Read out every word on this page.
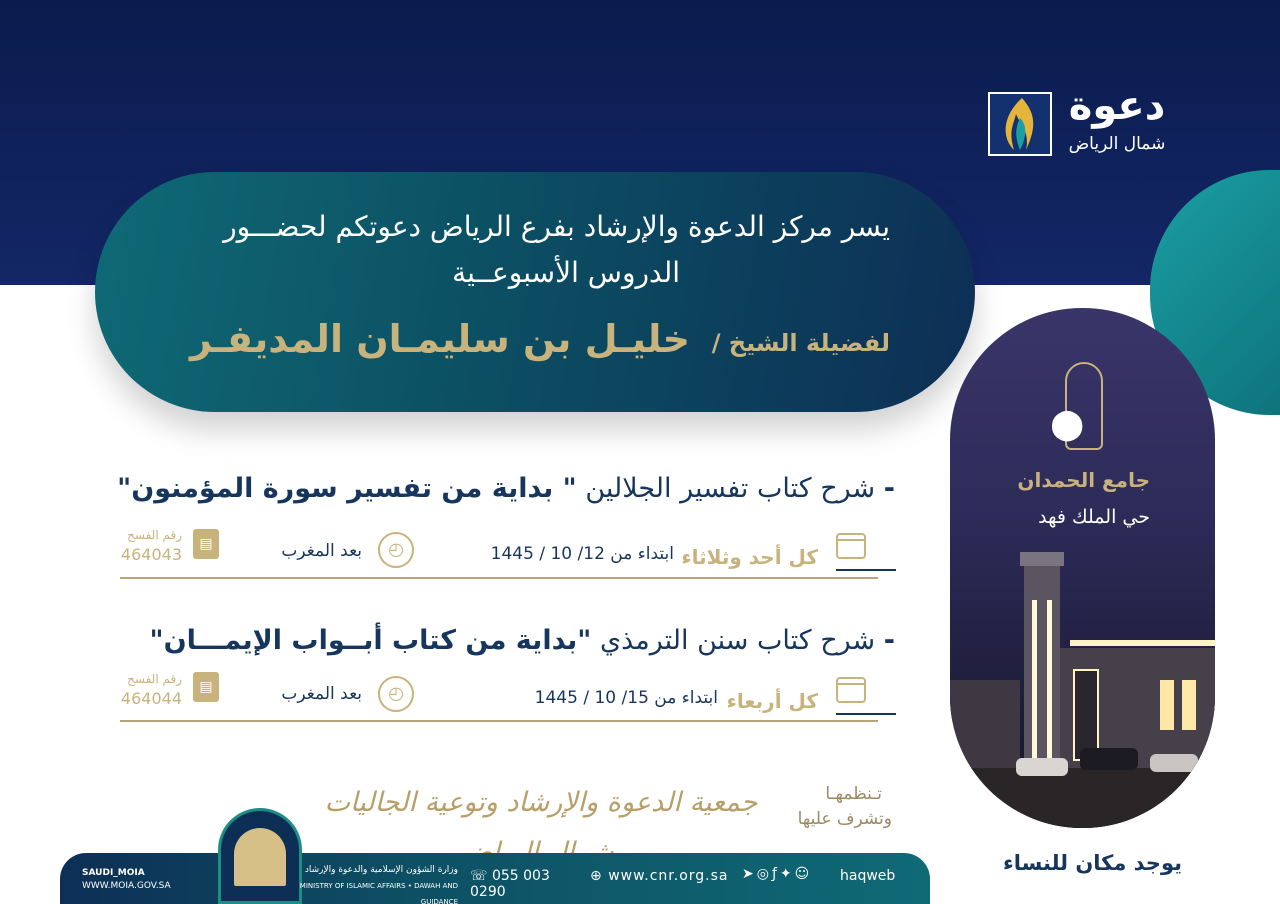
دعوة
شمال الرياض
يسر مركز الدعوة والإرشاد بفرع الرياض دعوتكم لحضـــور
الدروس الأسبوعــية
لفضيلة الشيخ /
خليـل بن سليمـان المديفـر
- شرح كتاب تفسير الجلالين " بداية من تفسير سورة المؤمنون"
كل أحد وثلاثاء
ابتداء من 12/ 10 / 1445
◴
بعد المغرب
▤
رقم الفسح
464043
- شرح كتاب سنن الترمذي "بداية من كتاب أبــواب الإيمـــان"
كل أربعاء
ابتداء من 15/ 10 / 1445
◴
بعد المغرب
▤
رقم الفسح
464044
⬤
جامع الحمدان
حي الملك فهد
يوجد مكان للنساء
تـنظمهـا
وتشرف عليها
جمعية الدعوة والإرشاد وتوعية الجاليات
وزارة الشؤون الإسلامية والدعوة والإرشاد
MINISTRY OF ISLAMIC AFFAIRS • DAWAH AND GUIDANCE
SAUDI_MOIA
WWW.MOIA.GOV.SA
☏ 055 003 0290
⊕ www.cnr.org.sa ➤◎ƒ✦☺	haqweb
